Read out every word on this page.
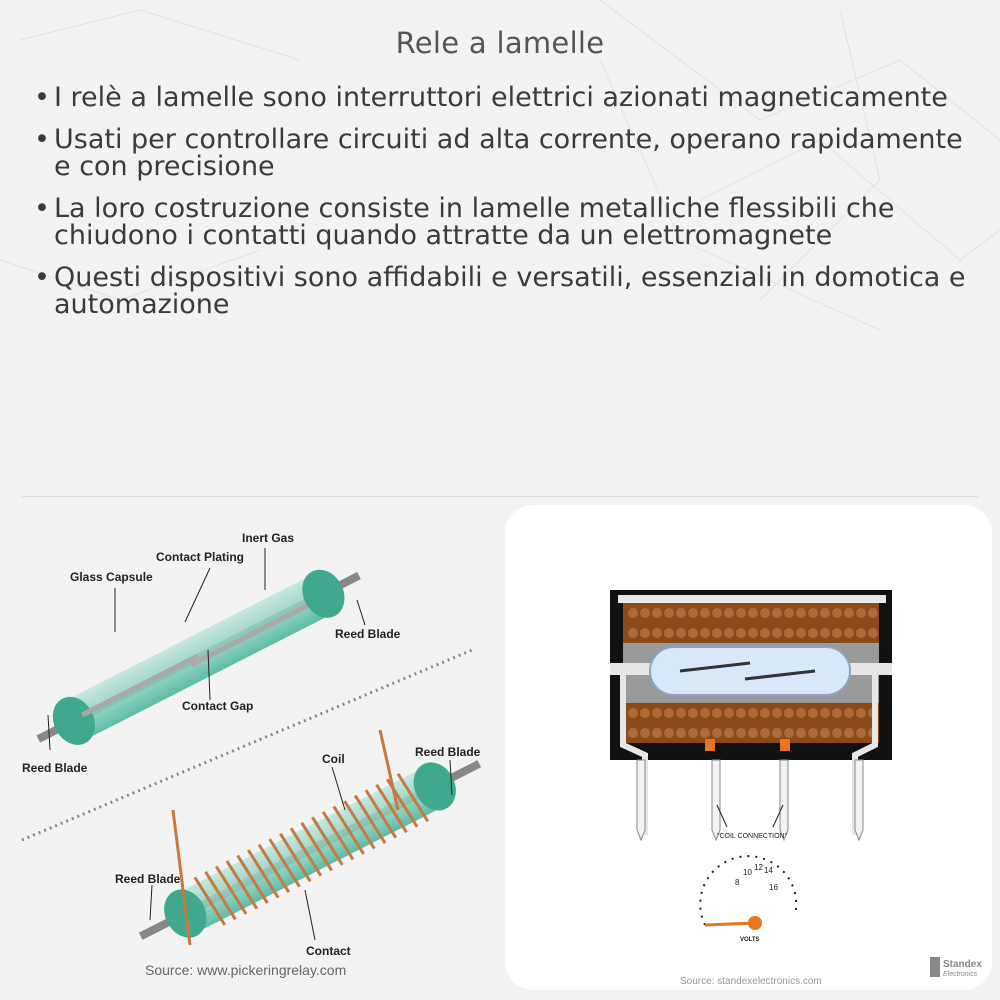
Rele a lamelle
• I relè a lamelle sono interruttori elettrici azionati magneticamente
• Usati per controllare circuiti ad alta corrente, operano rapidamente e con precisione
• La loro costruzione consiste in lamelle metalliche flessibili che chiudono i contatti quando attratte da un elettromagnete
• Questi dispositivi sono affidabili e versatili, essenziali in domotica e automazione
Inert Gas
Contact Plating
Glass Capsule
Reed Blade
Contact Gap
Reed Blade
Coil	Reed Blade
Reed Blade
Contact
Source: www.pickeringrelay.com
"COIL CONNECTION"
8
10
12 14
16
VOLTS
Standex
Electronics
Source: standexelectronics.com
